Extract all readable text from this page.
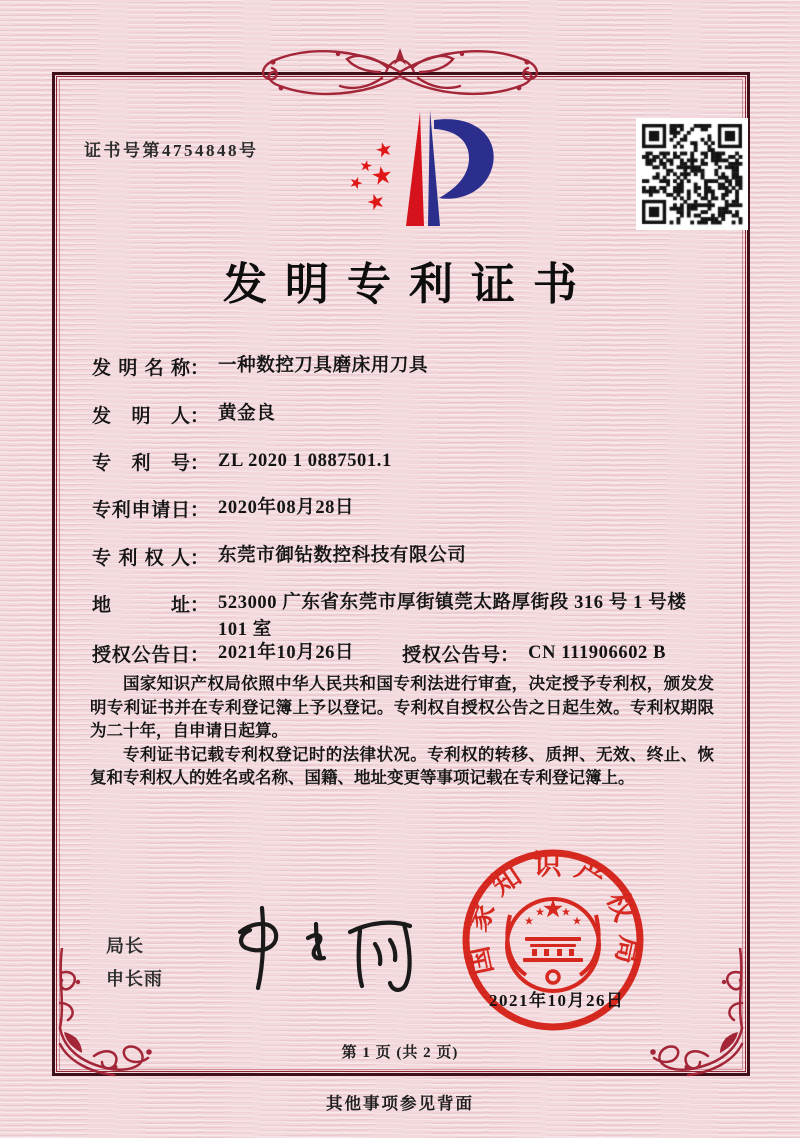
证书号第4754848号
发明专利证书
发明名称 ： 一种数控刀具磨床用刀具
发明人 ： 黄金良
专利号 ： ZL 2020 1 0887501.1
专利申请日 ： 2020年08月28日
专利权人 ： 东莞市御钻数控科技有限公司
地址 ： 523000 广东省东莞市厚街镇莞太路厚街段 316 号 1 号楼 101 室
授权公告日 ： 2021年10月26日	授权公告号 ： CN 111906602 B

国家知识产权局依照中华人民共和国专利法进行审查，决定授予专利权，颁发发明专利证书并在专利登记簿上予以登记。专利权自授权公告之日起生效。专利权期限为二十年，自申请日起算。

专利证书记载专利权登记时的法律状况。专利权的转移、质押、无效、终止、恢复和专利权人的姓名或名称、国籍、地址变更等事项记载在专利登记簿上。

局长
申长雨
国家知识产权局
2021年10月26日
第 1 页 (共 2 页)
其他事项参见背面
